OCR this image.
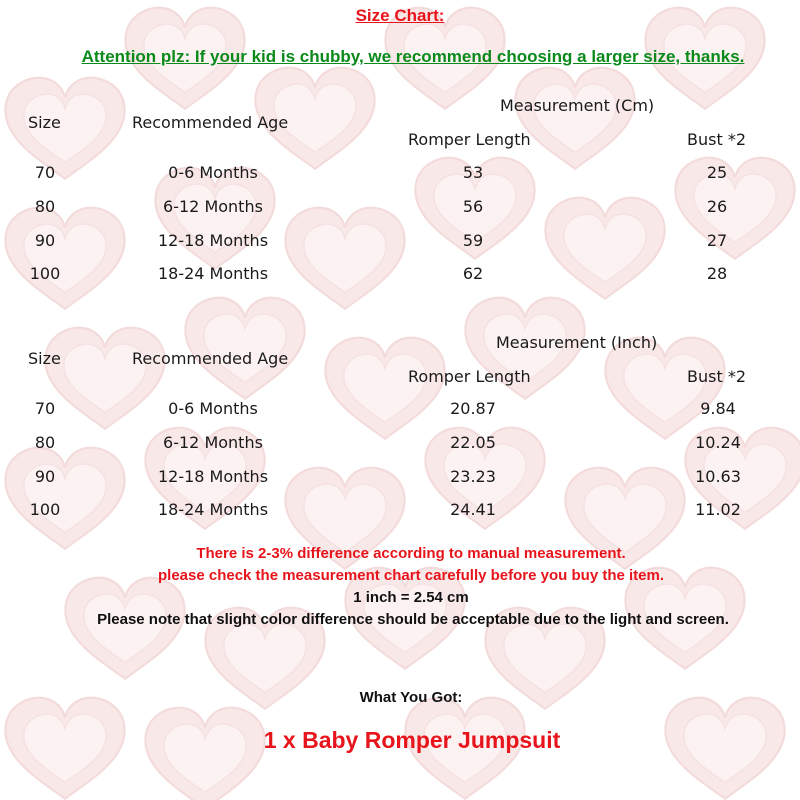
Size Chart:
Attention plz: If your kid is chubby, we recommend choosing a larger size, thanks.
Measurement (Cm)
Size	Recommended Age
Romper Length	Bust *2
70	0-6 Months	53	25
80	6-12 Months	56	26
90	12-18 Months	59	27
100	18-24 Months	62	28
Measurement (Inch)
Size	Recommended Age
Romper Length	Bust *2
70	0-6 Months	20.87	9.84
80	6-12 Months	22.05	10.24
90	12-18 Months	23.23	10.63
100	18-24 Months	24.41	11.02
There is 2-3% difference according to manual measurement.
please check the measurement chart carefully before you buy the item.
1 inch = 2.54 cm
Please note that slight color difference should be acceptable due to the light and screen.
What You Got:
1 x Baby Romper Jumpsuit
